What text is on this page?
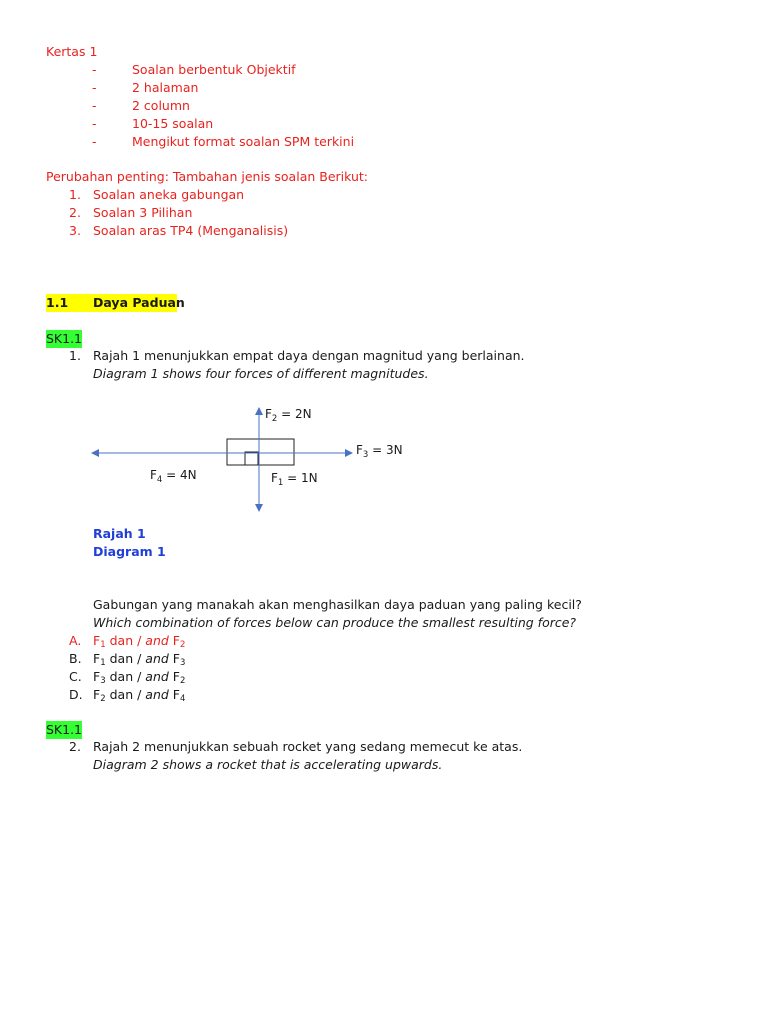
Kertas 1
-	Soalan berbentuk Objektif
-	2 halaman
-	2 column
-	10-15 soalan
-	Mengikut format soalan SPM terkini
Perubahan penting: Tambahan jenis soalan Berikut:
1. Soalan aneka gabungan
2. Soalan 3 Pilihan
3. Soalan aras TP4 (Menganalisis)
1.1 Daya Paduan
SK1.1
1. Rajah 1 menunjukkan empat daya dengan magnitud yang berlainan.
Diagram 1 shows four forces of different magnitudes.
$F_2 = 2N$
$F_3 = 3N$
$F_4 = 4N$	$F_1 = 1N$
Rajah 1
Diagram 1
Gabungan yang manakah akan menghasilkan daya paduan yang paling kecil?
Which combination of forces below can produce the smallest resulting force?
A. $F_1$ dan / and $F_2$
B. $F_1$ dan / and $F_3$
C. $F_3$ dan / and $F_2$
D. $F_2$ dan / and $F_4$
SK1.1
2. Rajah 2 menunjukkan sebuah rocket yang sedang memecut ke atas.
Diagram 2 shows a rocket that is accelerating upwards.
